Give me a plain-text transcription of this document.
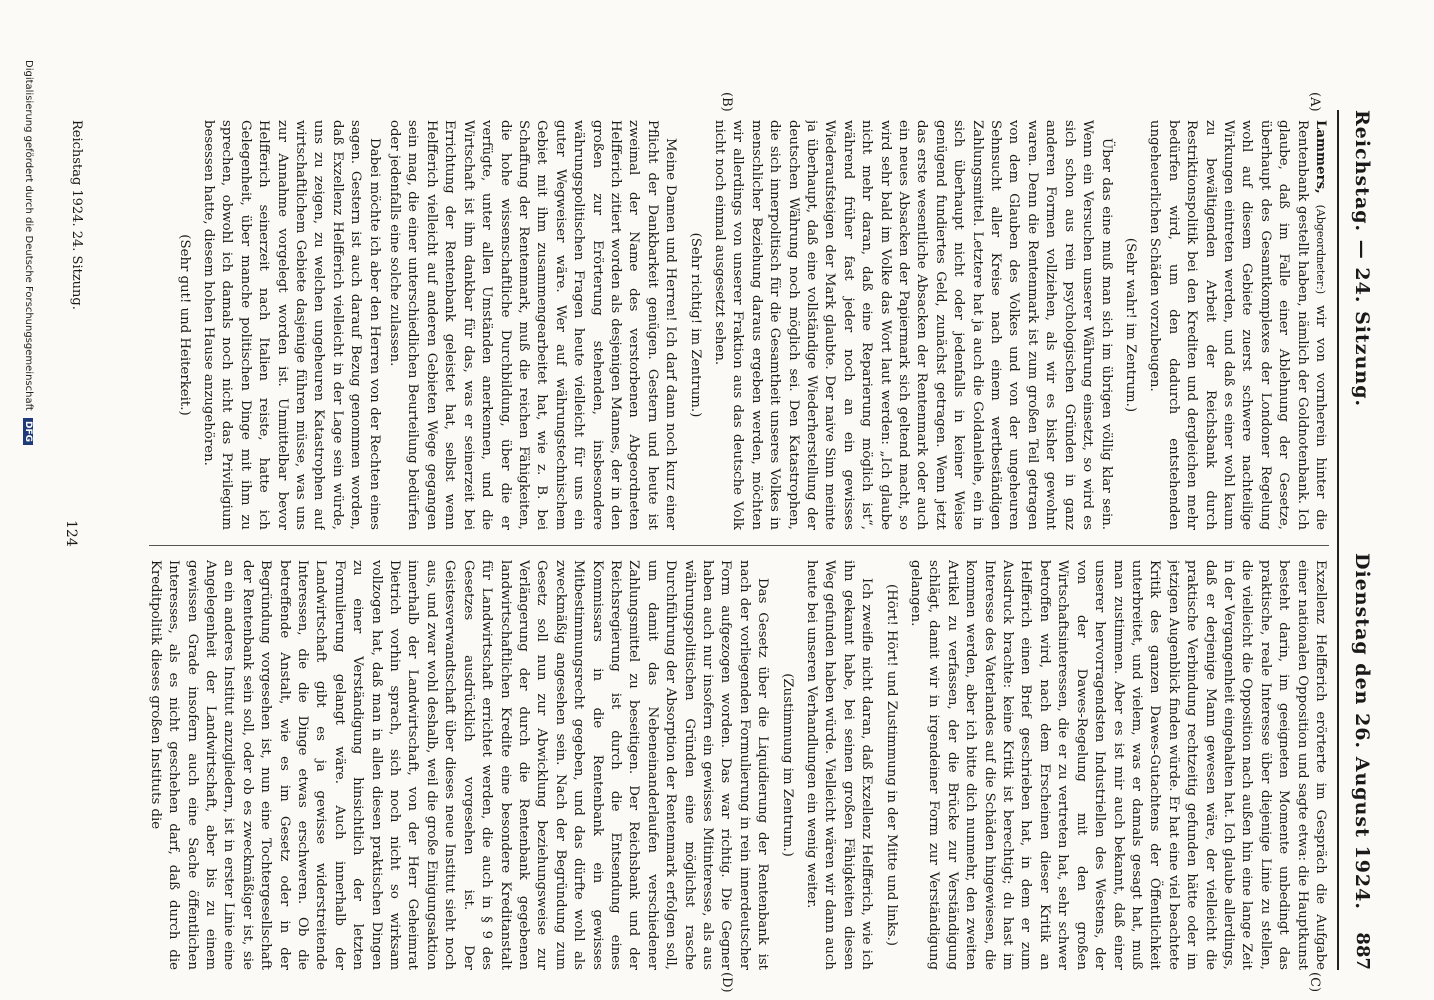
Reichstag. — 24. Sitzung.
Dienstag den 26. August 1924.
887
(A)
(B)
(C)
(D)

Lammers, (Abgeordneter:) wir von vornherein hinter die Rentenbank gestellt haben, nämlich der Goldnotenbank. Ich glaube, daß im Falle einer Ablehnung der Gesetze, überhaupt des Gesamtkomplexes der Londoner Regelung wohl auf diesem Gebiete zuerst schwere nachteilige Wirkungen eintreten werden, und daß es einer wohl kaum zu bewältigenden Arbeit der Reichsbank durch Restriktionspolitik bei den Krediten und dergleichen mehr bedürfen wird, um den dadurch entstehenden ungeheuerlichen Schäden vorzubeugen.

(Sehr wahr! im Zentrum.)

Über das eine muß man sich im übrigen völlig klar sein. Wenn ein Versuchen unserer Währung einsetzt, so wird es sich schon aus rein psychologischen Gründen in ganz anderen Formen vollziehen, als wir es bisher gewohnt waren. Denn die Rentenmark ist zum großen Teil getragen von dem Glauben des Volkes und von der ungeheuren Sehnsucht aller Kreise nach einem wertbeständigen Zahlungsmittel. Letztere hat ja auch die Goldanleihe, ein in sich überhaupt nicht oder jedenfalls in keiner Weise genügend fundiertes Geld, zunächst getragen. Wenn jetzt das erste wesentliche Absacken der Rentenmark oder auch ein neues Absacken der Papiermark sich geltend macht, so wird sehr bald im Volke das Wort laut werden: „Ich glaube nicht mehr daran, daß eine Reparierung möglich ist“, während früher fast jeder noch an ein gewisses Wiederaufsteigen der Mark glaubte. Der naive Sinn meinte ja überhaupt, daß eine vollständige Wiederherstellung der deutschen Währung noch möglich sei. Den Katastrophen, die sich innerpolitisch für die Gesamtheit unseres Volkes in menschlicher Beziehung daraus ergeben werden, möchten wir allerdings von unserer Fraktion aus das deutsche Volk nicht noch einmal ausgesetzt sehen.

(Sehr richtig! im Zentrum.)

Meine Damen und Herren! Ich darf dann noch kurz einer Pflicht der Dankbarkeit genügen. Gestern und heute ist zweimal der Name des verstorbenen Abgeordneten Helfferich zitiert worden als desjenigen Mannes, der in den großen zur Erörterung stehenden, insbesondere währungspolitischen Fragen heute vielleicht für uns ein guter Wegweiser wäre. Wer auf währungstechnischem Gebiet mit ihm zusammengearbeitet hat, wie z. B. bei Schaffung der Rentenmark, muß die reichen Fähigkeiten, die hohe wissenschaftliche Durchbildung, über die er verfügte, unter allen Umständen anerkennen, und die Wirtschaft ist ihm dankbar für das, was er seinerzeit bei Errichtung der Rentenbank geleistet hat, selbst wenn Helfferich vielleicht auf anderen Gebieten Wege gegangen sein mag, die einer unterschiedlichen Beurteilung bedürfen oder jedenfalls eine solche zulassen.

Dabei möchte ich aber den Herren von der Rechten eines sagen. Gestern ist auch darauf Bezug genommen worden, daß Exzellenz Helfferich vielleicht in der Lage sein würde, uns zu zeigen, zu welchen ungeheuren Katastrophen auf wirtschaftlichem Gebiete dasjenige führen müsse, was uns zur Annahme vorgelegt worden ist. Unmittelbar bevor Helfferich seinerzeit nach Italien reiste, hatte ich Gelegenheit, über manche politischen Dinge mit ihm zu sprechen, obwohl ich damals noch nicht das Privilegium besessen hatte, diesem hohen Hause anzugehören.

(Sehr gut! und Heiterkeit.)

Exzellenz Helfferich erörterte im Gespräch die Aufgabe einer nationalen Opposition und sagte etwa: die Hauptkunst besteht darin, im geeigneten Momente unbedingt das praktische, reale Interesse über diejenige Linie zu stellen, die vielleicht die Opposition nach außen hin eine lange Zeit in der Vergangenheit eingehalten hat. Ich glaube allerdings, daß er derjenige Mann gewesen wäre, der vielleicht die praktische Verbindung rechtzeitig gefunden hätte oder im jetzigen Augenblick finden würde. Er hat eine viel beachtete Kritik des ganzen Dawes-Gutachtens der Öffentlichkeit unterbreitet, und vielem, was er damals gesagt hat, muß man zustimmen. Aber es ist mir auch bekannt, daß einer unserer hervorragendsten Industriellen des Westens, der von der Dawes-Regelung mit den großen Wirtschaftsinteressen, die er zu vertreten hat, sehr schwer betroffen wird, nach dem Erscheinen dieser Kritik an Helfferich einen Brief geschrieben hat, in dem er zum Ausdruck brachte: keine Kritik ist berechtigt; du hast im Interesse des Vaterlandes auf die Schäden hingewiesen, die kommen werden, aber ich bitte dich nunmehr, den zweiten Artikel zu verfassen, der die Brücke zur Verständigung schlägt, damit wir in irgendeiner Form zur Verständigung gelangen.

(Hört! Hört! und Zustimmung in der Mitte und links.)

Ich zweifle nicht daran, daß Exzellenz Helfferich, wie ich ihn gekannt habe, bei seinen großen Fähigkeiten diesen Weg gefunden haben würde. Vielleicht wären wir dann auch heute bei unseren Verhandlungen ein wenig weiter.

(Zustimmung im Zentrum.)

Das Gesetz über die Liquidierung der Rentenbank ist nach der vorliegenden Formulierung in rein innerdeutscher Form aufgezogen worden. Das war richtig. Die Gegner haben auch nur insofern ein gewisses Mitinteresse, als aus währungspolitischen Gründen eine möglichst rasche Durchführung der Absorption der Rentenmark erfolgen soll, um damit das Nebeneinanderlaufen verschiedener Zahlungsmittel zu beseitigen. Der Reichsbank und der Reichsregierung ist durch die Entsendung eines Kommissars in die Rentenbank ein gewisses Mitbestimmungsrecht gegeben, und das dürfte wohl als zweckmäßig angesehen sein. Nach der Begründung zum Gesetz soll nun zur Abwicklung beziehungsweise zur Verlängerung der durch die Rentenbank gegebenen landwirtschaftlichen Kredite eine besondere Kreditanstalt für Landwirtschaft errichtet werden, die auch in § 9 des Gesetzes ausdrücklich vorgesehen ist. Der Geistesverwandtschaft über dieses neue Institut sieht noch aus, und zwar wohl deshalb, weil die große Einigungsaktion innerhalb der Landwirtschaft, von der Herr Geheimrat Dietrich vorhin sprach, sich noch nicht so wirksam vollzogen hat, daß man in allen diesen praktischen Dingen zu einer Verständigung hinsichtlich der letzten Formulierung gelangt wäre. Auch innerhalb der Landwirtschaft gibt es ja gewisse widerstreitende Interessen, die die Dinge etwas erschweren. Ob die betreffende Anstalt, wie es im Gesetz oder in der Begründung vorgesehen ist, nun eine Tochtergesellschaft der Rentenbank sein soll, oder ob es zweckmäßiger ist, sie an ein anderes Institut anzugliedern, ist in erster Linie eine Angelegenheit der Landwirtschaft, aber bis zu einem gewissen Grade insofern auch eine Sache öffentlichen Interesses, als es nicht geschehen darf, daß durch die Kreditpolitik dieses großen Instituts die

Reichstag 1924. 24. Sitzung.
124
Digitalisierung gefördert durch die Deutsche Forschungsgemeinschaft DFG
